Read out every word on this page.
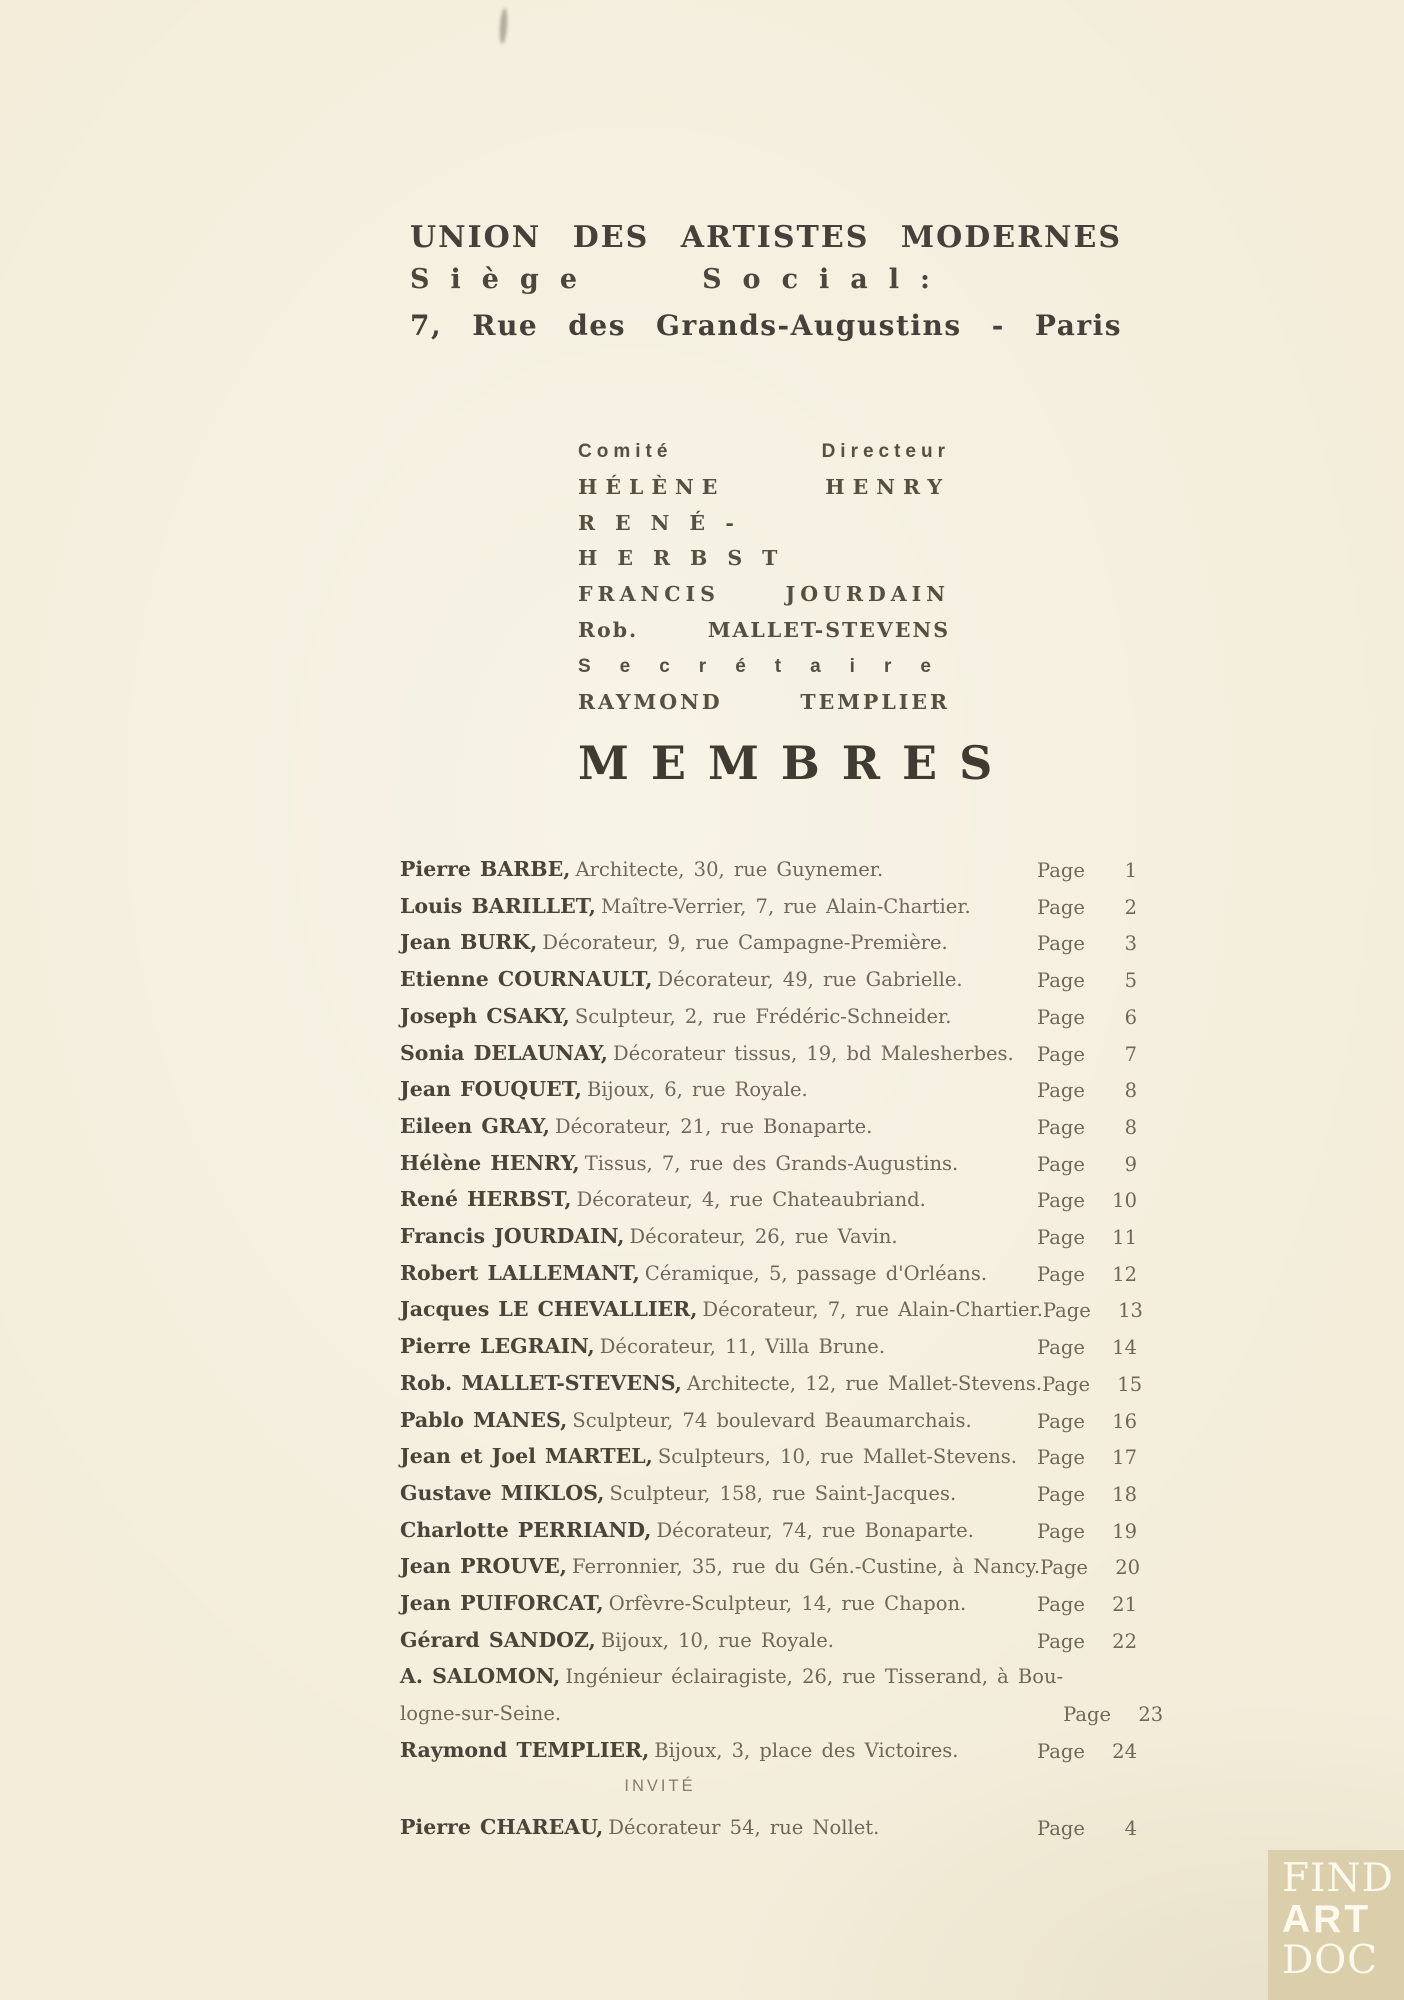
UNION DES ARTISTES MODERNES
Siège Social:
7, Rue des Grands-Augustins - Paris
Comité Directeur
HÉLÈNE HENRY
RENÉ-HERBST
FRANCIS JOURDAIN
Rob. MALLET-STEVENS
Secrétaire
RAYMOND TEMPLIER
MEMBRES
Pierre BARBE, Architecte, 30, rue Guynemer.	Page	1
Louis BARILLET, Maître-Verrier, 7, rue Alain-Chartier.	Page	2
Jean BURK, Décorateur, 9, rue Campagne-Première.	Page	3
Etienne COURNAULT, Décorateur, 49, rue Gabrielle.	Page	5
Joseph CSAKY, Sculpteur, 2, rue Frédéric-Schneider.	Page	6
Sonia DELAUNAY, Décorateur tissus, 19, bd Malesherbes.	Page	7
Jean FOUQUET, Bijoux, 6, rue Royale.	Page	8
Eileen GRAY, Décorateur, 21, rue Bonaparte.	Page	8
Hélène HENRY, Tissus, 7, rue des Grands-Augustins.	Page	9
René HERBST, Décorateur, 4, rue Chateaubriand.	Page 10
Francis JOURDAIN, Décorateur, 26, rue Vavin.	Page 11
Robert LALLEMANT, Céramique, 5, passage d'Orléans.	Page 12
Jacques LE CHEVALLIER, Décorateur, 7, rue Alain-Chartier. Page 13
Pierre LEGRAIN, Décorateur, 11, Villa Brune.	Page 14
Rob. MALLET-STEVENS, Architecte, 12, rue Mallet-Stevens. Page 15
Pablo MANES, Sculpteur, 74 boulevard Beaumarchais.	Page 16
Jean et Joel MARTEL, Sculpteurs, 10, rue Mallet-Stevens.	Page 17
Gustave MIKLOS, Sculpteur, 158, rue Saint-Jacques.	Page 18
Charlotte PERRIAND, Décorateur, 74, rue Bonaparte.	Page 19
Jean PROUVE, Ferronnier, 35, rue du Gén.-Custine, à Nancy. Page 20
Jean PUIFORCAT, Orfèvre-Sculpteur, 14, rue Chapon.	Page 21
Gérard SANDOZ, Bijoux, 10, rue Royale.	Page 22
A. SALOMON, Ingénieur éclairagiste, 26, rue Tisserand, à Bou-
logne-sur-Seine.	Page 23
Raymond TEMPLIER, Bijoux, 3, place des Victoires.	Page 24
INVITÉ
Pierre CHAREAU, Décorateur 54, rue Nollet.	Page	4
FIND
ART
DOC
